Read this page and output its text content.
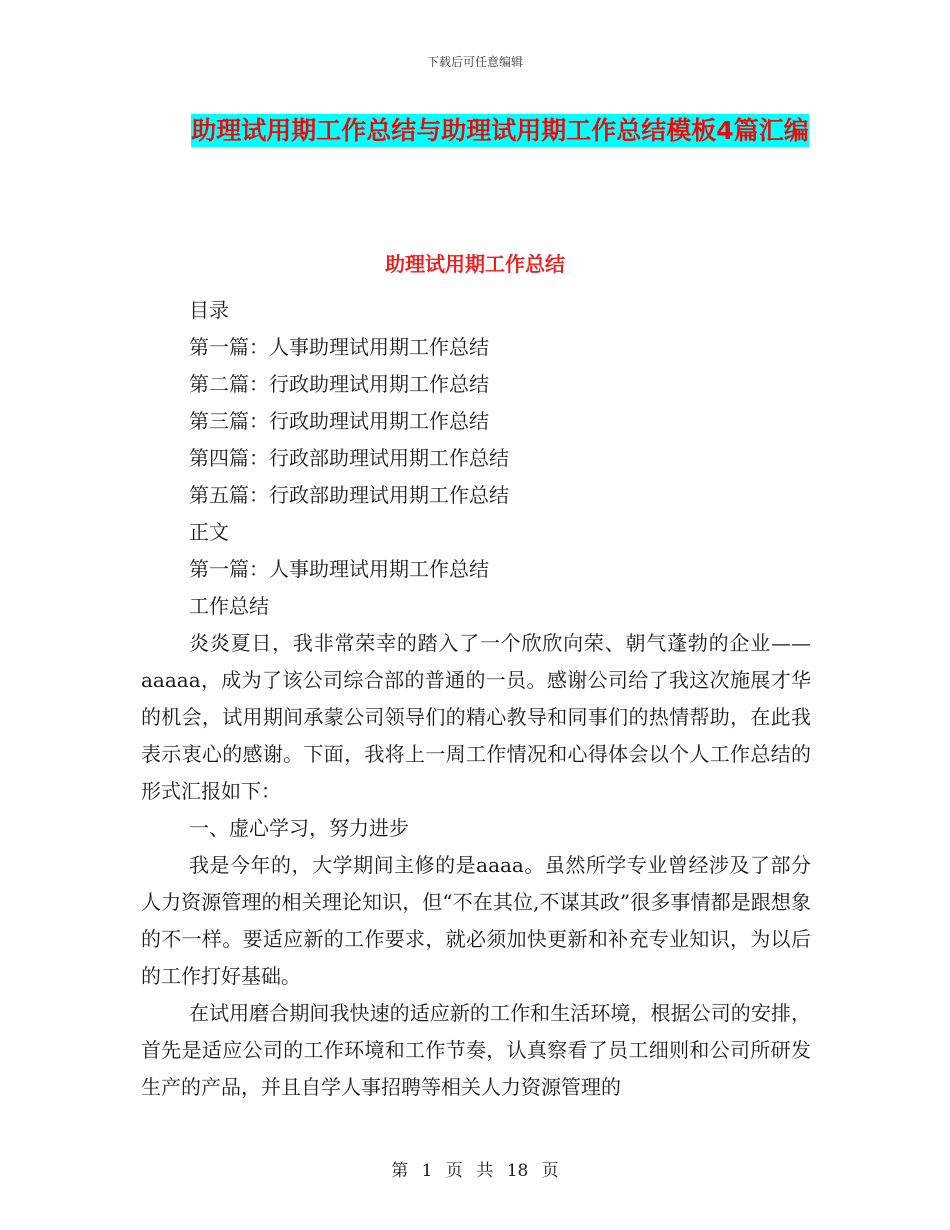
下载后可任意编辑
助理试用期工作总结与助理试用期工作总结模板4篇汇编
助理试用期工作总结

目录

第一篇：人事助理试用期工作总结

第二篇：行政助理试用期工作总结

第三篇：行政助理试用期工作总结

第四篇：行政部助理试用期工作总结

第五篇：行政部助理试用期工作总结

正文

第一篇：人事助理试用期工作总结

工作总结

炎炎夏日，我非常荣幸的踏入了一个欣欣向荣、朝气蓬勃的企业——aaaaa，成为了该公司综合部的普通的一员。感谢公司给了我这次施展才华的机会，试用期间承蒙公司领导们的精心教导和同事们的热情帮助，在此我表示衷心的感谢。下面，我将上一周工作情况和心得体会以个人工作总结的形式汇报如下：

一、虚心学习，努力进步

我是今年的，大学期间主修的是aaaa。虽然所学专业曾经涉及了部分人力资源管理的相关理论知识，但“不在其位,不谋其政”很多事情都是跟想象的不一样。要适应新的工作要求，就必须加快更新和补充专业知识，为以后的工作打好基础。

在试用磨合期间我快速的适应新的工作和生活环境，根据公司的安排，首先是适应公司的工作环境和工作节奏，认真察看了员工细则和公司所研发生产的产品，并且自学人事招聘等相关人力资源管理的

第 1 页 共 18 页
